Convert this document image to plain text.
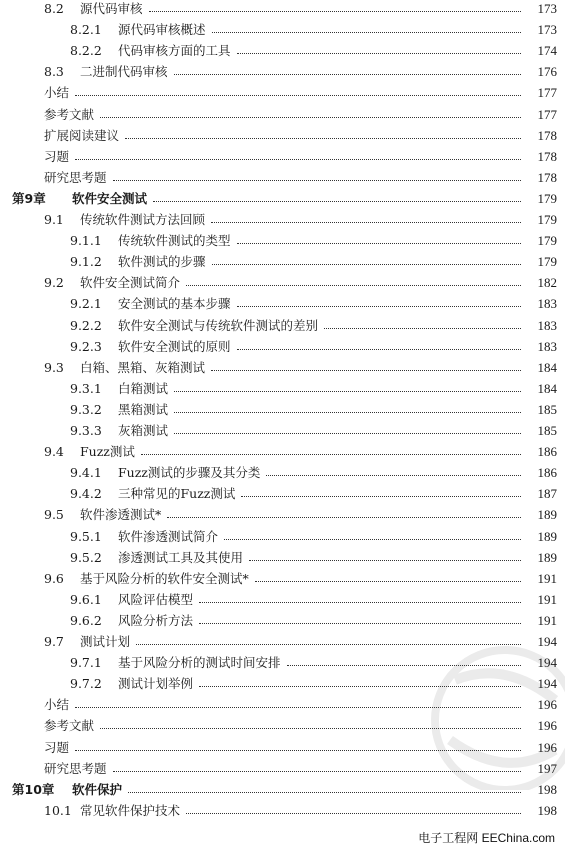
8.2 源代码审核	173
8.2.1 源代码审核概述	173
8.2.2 代码审核方面的工具	174
8.3 二进制代码审核	176
小结	177
参考文献	177
扩展阅读建议	178
习题	178
研究思考题	178
第9章 软件安全测试	179
9.1 传统软件测试方法回顾	179
9.1.1 传统软件测试的类型	179
9.1.2 软件测试的步骤	179
9.2 软件安全测试简介	182
9.2.1 安全测试的基本步骤	183
9.2.2 软件安全测试与传统软件测试的差别	183
9.2.3 软件安全测试的原则	183
9.3 白箱、黑箱、灰箱测试	184
9.3.1 白箱测试	184
9.3.2 黑箱测试	185
9.3.3 灰箱测试	185
9.4 Fuzz测试	186
9.4.1 Fuzz测试的步骤及其分类	186
9.4.2 三种常见的Fuzz测试	187
9.5 软件渗透测试*	189
9.5.1 软件渗透测试简介	189
9.5.2 渗透测试工具及其使用	189
9.6 基于风险分析的软件安全测试*	191
9.6.1 风险评估模型	191
9.6.2 风险分析方法	191
9.7 测试计划	194
9.7.1 基于风险分析的测试时间安排	194
9.7.2 测试计划举例	194
小结	196
参考文献	196
习题	196
研究思考题	197
第10章 软件保护	198
10.1 常见软件保护技术	198
电子工程网 EEChina.com
